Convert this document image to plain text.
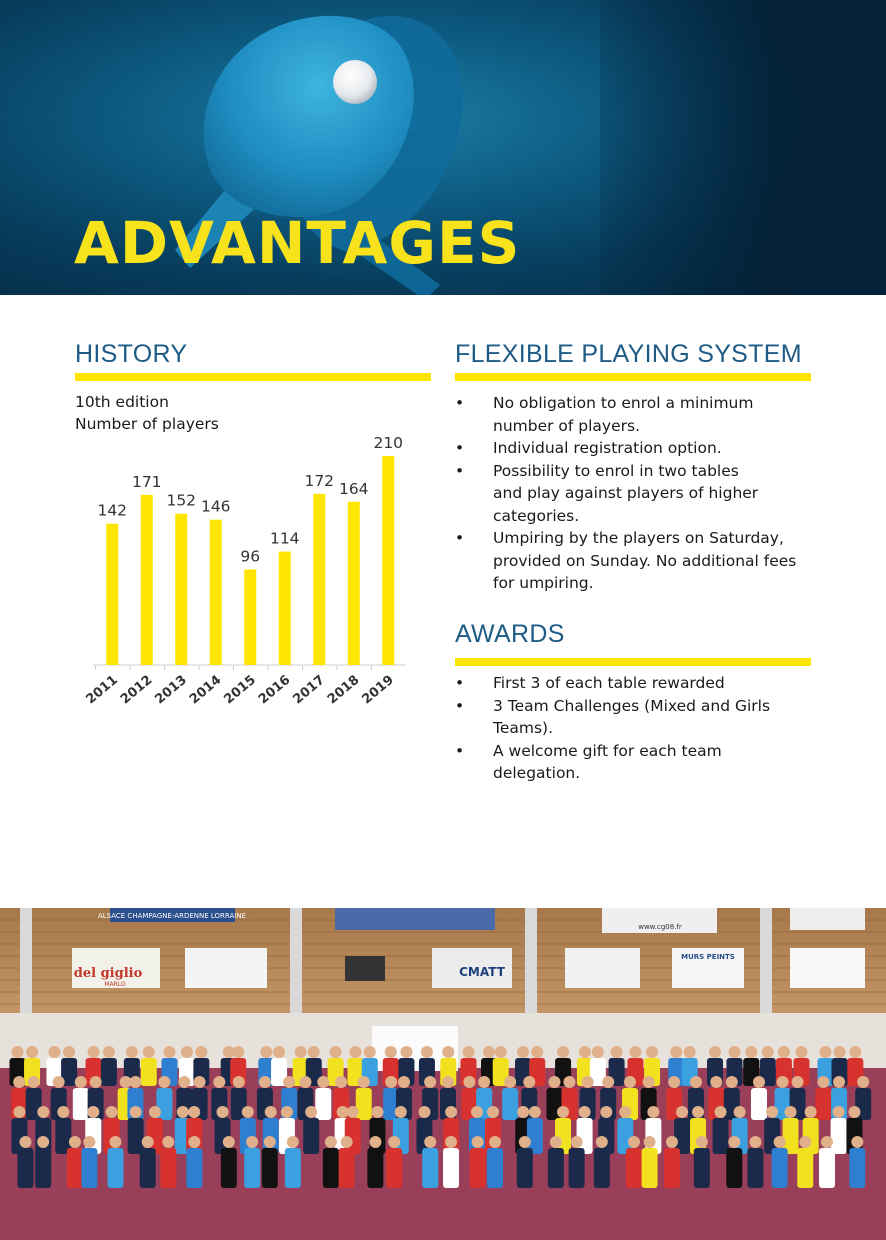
ADVANTAGES
HISTORY

10th edition

Number of players

142
2011
171
2012
152
2013
146
2014
96
2015
114
2016
172
2017
164
2018
210
2019
FLEXIBLE PLAYING SYSTEM
• No obligation to enrol a minimum
number of players.
• Individual registration option.
• Possibility to enrol in two tables
and play against players of higher
categories.
• Umpiring by the players on Saturday,
provided on Sunday. No additional fees
for umpiring.
AWARDS
• First 3 of each table rewarded
• 3 Team Challenges (Mixed and Girls
Teams).
• A welcome gift for each team
delegation.
ALSACE CHAMPAGNE-ARDENNE LORRAINE
del giglio
MARLO
CMATT
MURS PEINTS
www.cg08.fr
